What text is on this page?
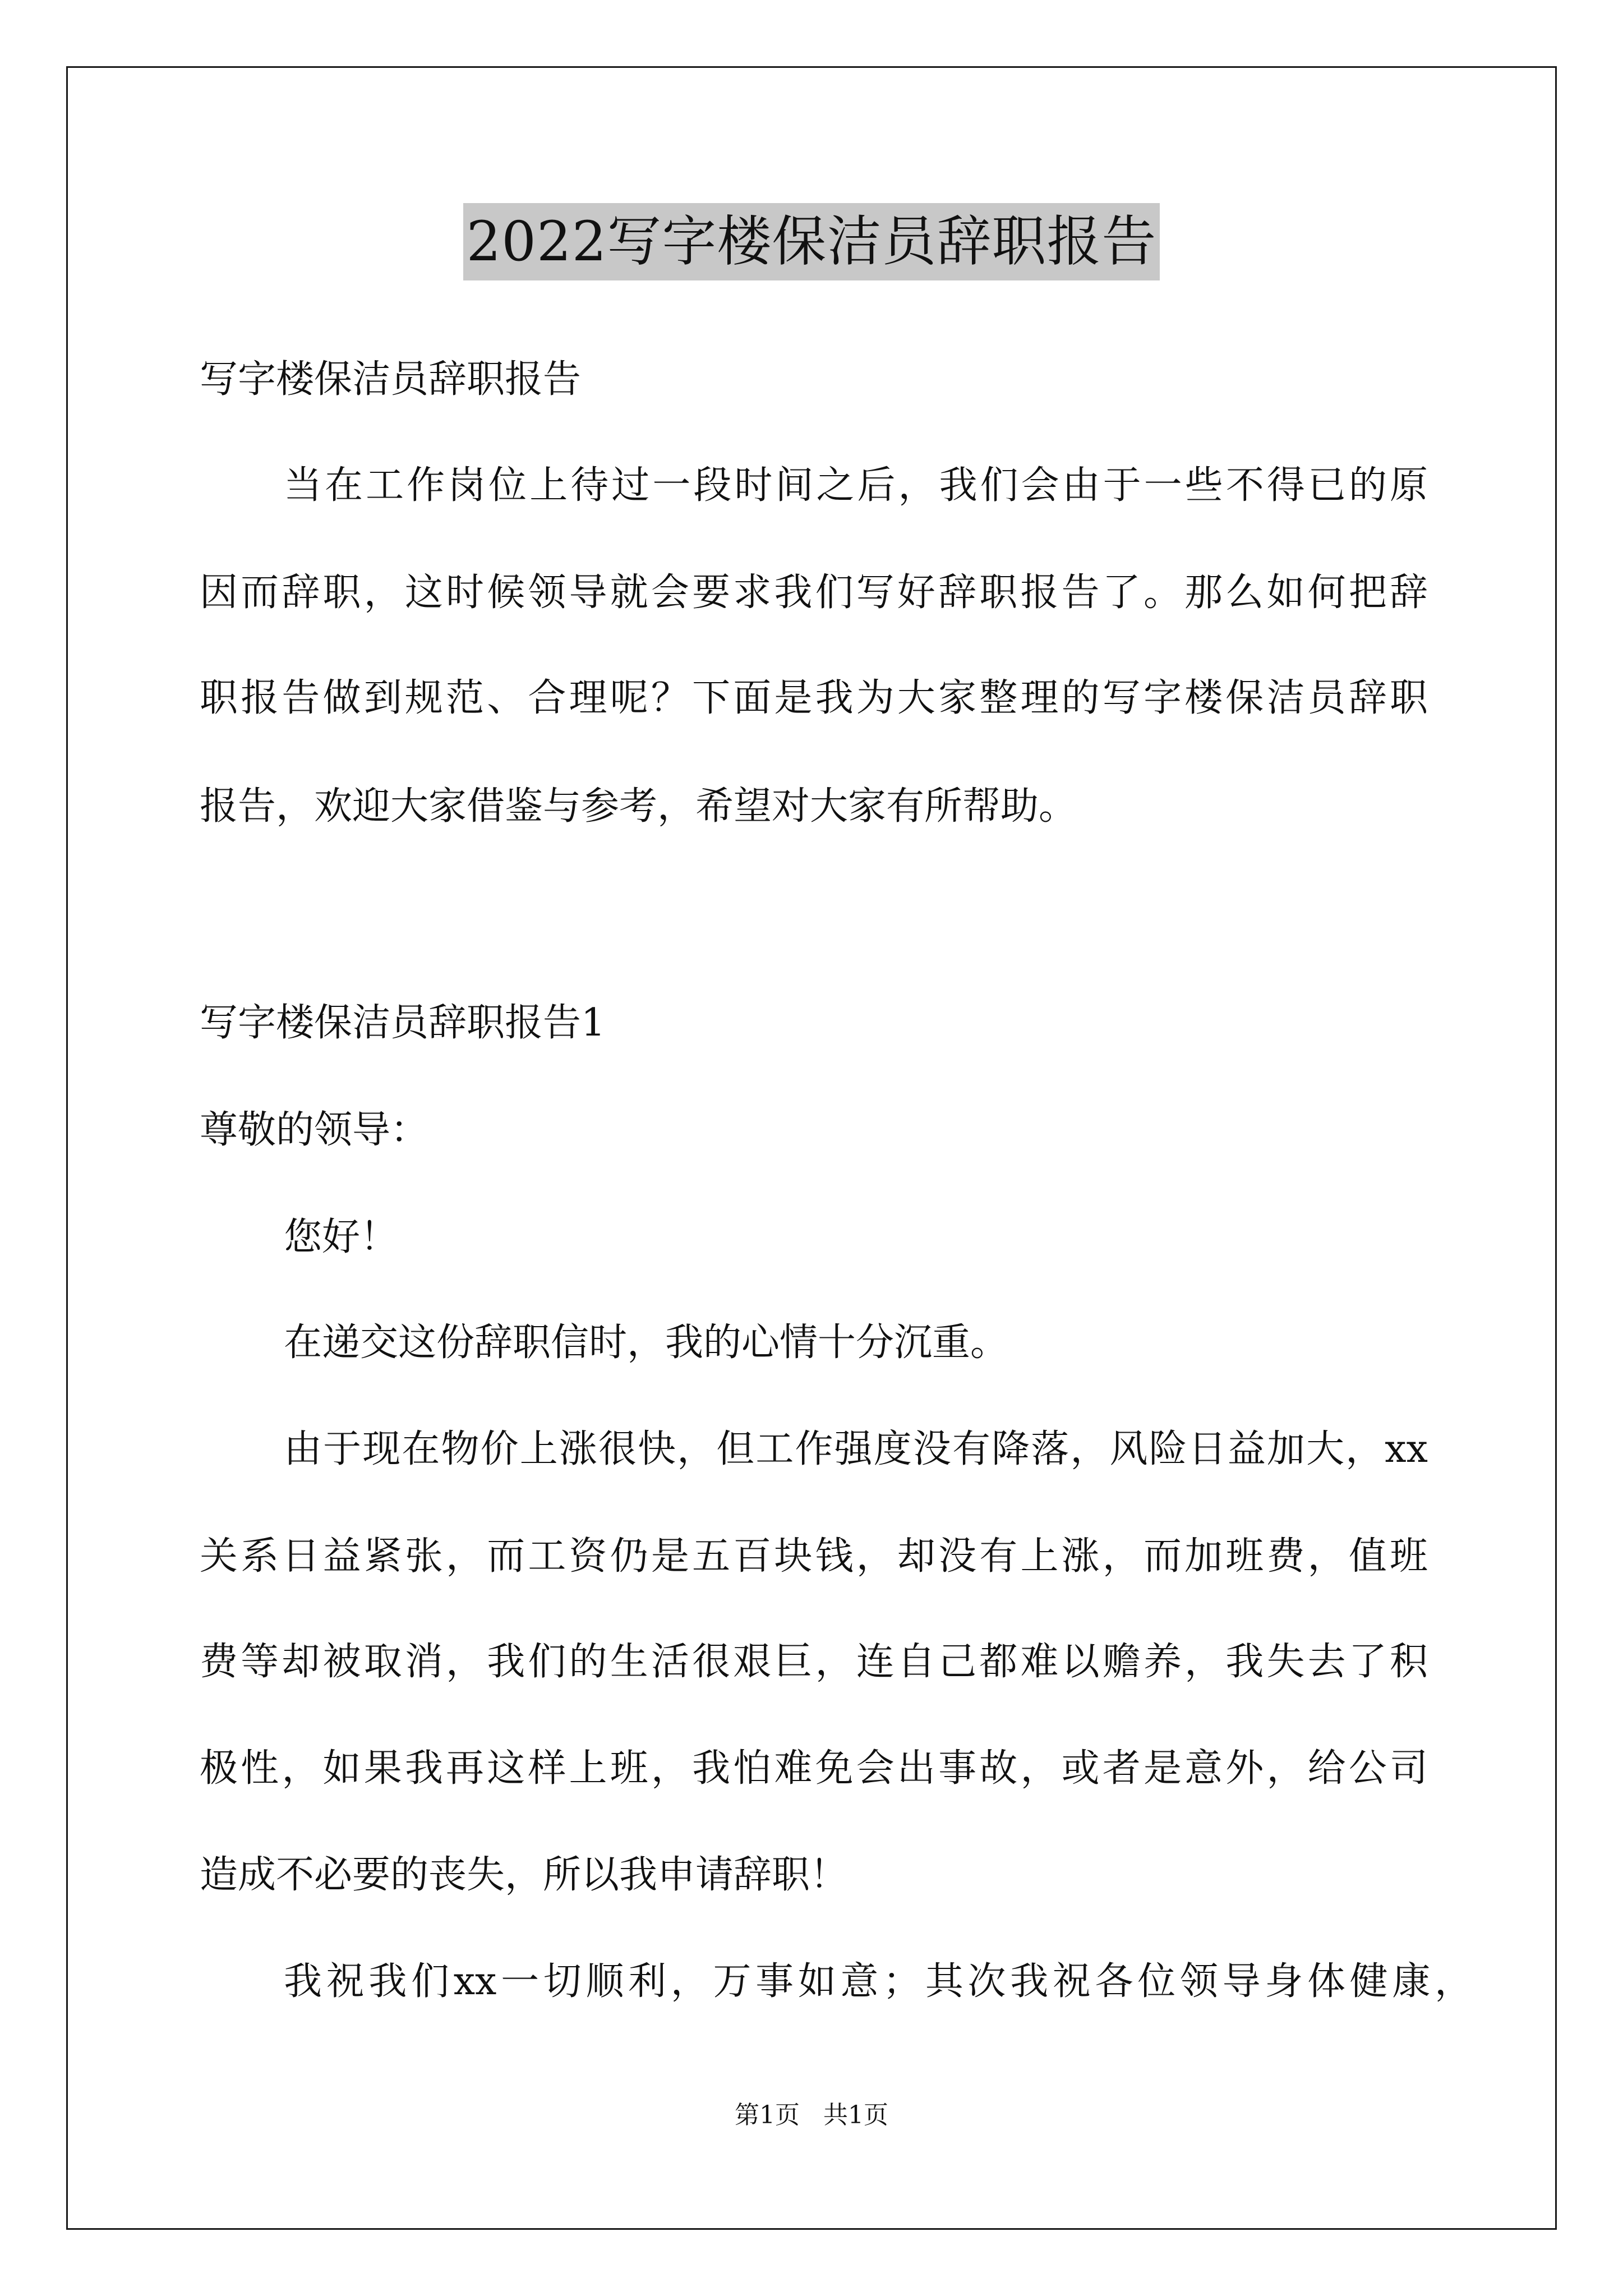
2022写字楼保洁员辞职报告
写字楼保洁员辞职报告
当在工作岗位上待过一段时间之后，我们会由于一些不得已的原
因而辞职，这时候领导就会要求我们写好辞职报告了。那么如何把辞
职报告做到规范、合理呢？下面是我为大家整理的写字楼保洁员辞职
报告，欢迎大家借鉴与参考，希望对大家有所帮助。
写字楼保洁员辞职报告1
尊敬的领导：
您好！
在递交这份辞职信时，我的心情十分沉重。
由于现在物价上涨很快，但工作强度没有降落，风险日益加大，xx
关系日益紧张，而工资仍是五百块钱，却没有上涨，而加班费，值班
费等却被取消，我们的生活很艰巨，连自己都难以赡养，我失去了积
极性，如果我再这样上班，我怕难免会出事故，或者是意外，给公司
造成不必要的丧失，所以我申请辞职！
我祝我们xx一切顺利，万事如意；其次我祝各位领导身体健康，
第1页   共1页
